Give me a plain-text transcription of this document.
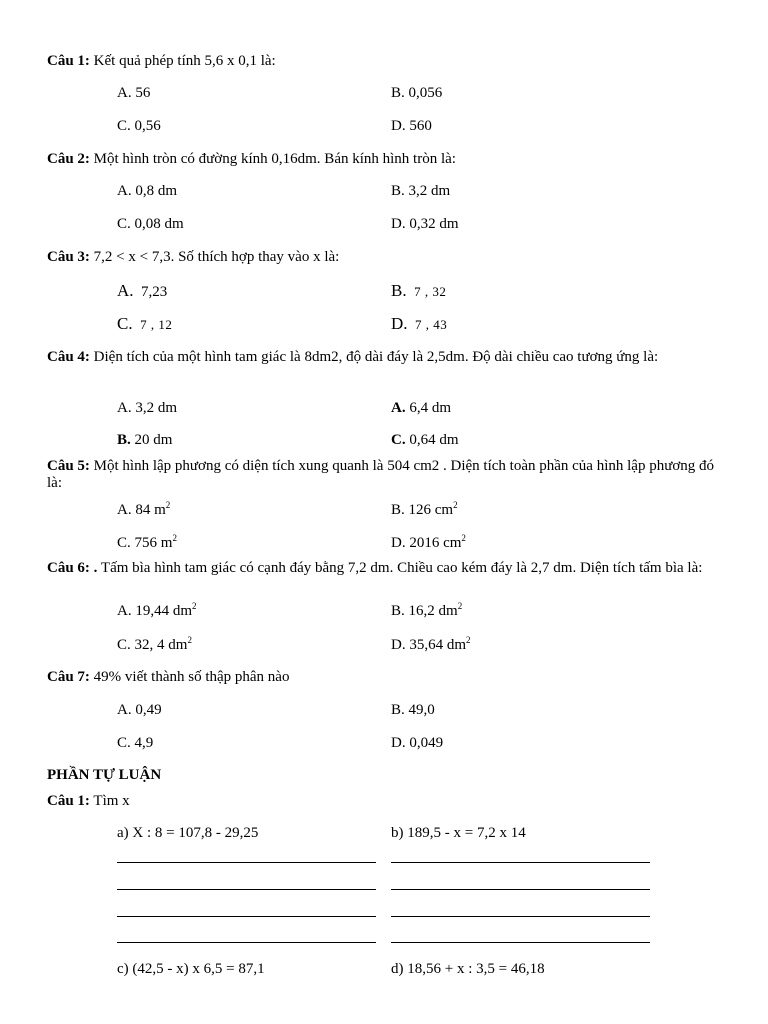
Câu 1: Kết quả phép tính 5,6 x 0,1 là:
A. 56	B. 0,056
C. 0,56	D. 560
Câu 2: Một hình tròn có đường kính 0,16dm. Bán kính hình tròn là:
A. 0,8 dm	B. 3,2 dm
C. 0,08 dm	D. 0,32 dm
Câu 3: 7,2 < x < 7,3. Số thích hợp thay vào x là:
A. 7,23	B. 7 , 32
C. 7 , 12	D. 7 , 43
Câu 4: Diện tích của một hình tam giác là 8dm2, độ dài đáy là 2,5dm. Độ dài chiều cao tương ứng là:
A. 3,2 dm	A. 6,4 dm
B. 20 dm	C. 0,64 dm
Câu 5: Một hình lập phương có diện tích xung quanh là 504 cm2 . Diện tích toàn phần của hình lập phương đó là:
A. 84 $m^2$	B. 126 $cm^2$
C. 756 $m^2$	D. 2016 $cm^2$
Câu 6: . Tấm bìa hình tam giác có cạnh đáy bằng 7,2 dm. Chiều cao kém đáy là 2,7 dm. Diện tích tấm bìa là:
A. 19,44 $dm^2$	B. 16,2 $dm^2$
C. 32, 4 $dm^2$	D. 35,64 $dm^2$
Câu 7: 49% viết thành số thập phân nào
A. 0,49	B. 49,0
C. 4,9	D. 0,049
PHẦN TỰ LUẬN
Câu 1: Tìm x
a) X : 8 = 107,8 - 29,25	b) 189,5 - x = 7,2 x 14
c) (42,5 - x) x 6,5 = 87,1	d) 18,56 + x : 3,5 = 46,18
